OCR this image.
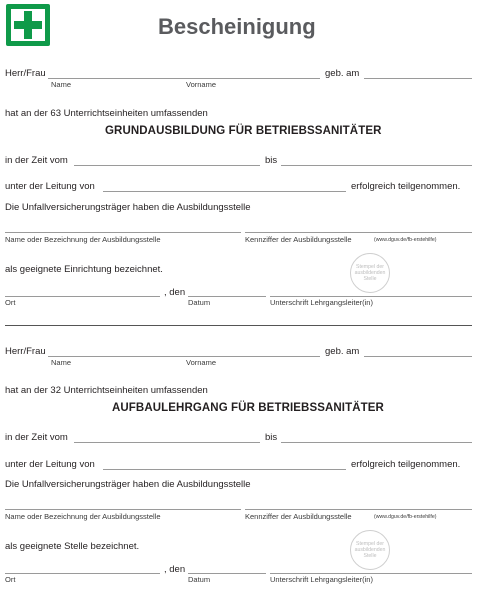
Bescheinigung
Herr/Frau	geb. am
Name	Vorname
hat an der 63 Unterrichtseinheiten umfassenden
GRUNDAUSBILDUNG FÜR BETRIEBSSANITÄTER
in der Zeit vom	bis
unter der Leitung von	erfolgreich teilgenommen.
Die Unfallversicherungsträger haben die Ausbildungsstelle
Name oder Bezeichnung der Ausbildungsstelle	Kennziffer der Ausbildungsstelle	(www.dguv.de/fb-erstehilfe)
als geeignete Einrichtung bezeichnet.	Stempel der ausbildenden Stelle
, den
Ort	Datum	Unterschrift Lehrgangsleiter(in)
Herr/Frau	geb. am
Name	Vorname
hat an der 32 Unterrichtseinheiten umfassenden
AUFBAULEHRGANG FÜR BETRIEBSSANITÄTER
in der Zeit vom	bis
unter der Leitung von	erfolgreich teilgenommen.
Die Unfallversicherungsträger haben die Ausbildungsstelle
Name oder Bezeichnung der Ausbildungsstelle	Kennziffer der Ausbildungsstelle	(www.dguv.de/fb-erstehilfe)
als geeignete Stelle bezeichnet.	Stempel der ausbildenden Stelle
, den
Ort	Datum	Unterschrift Lehrgangsleiter(in)
